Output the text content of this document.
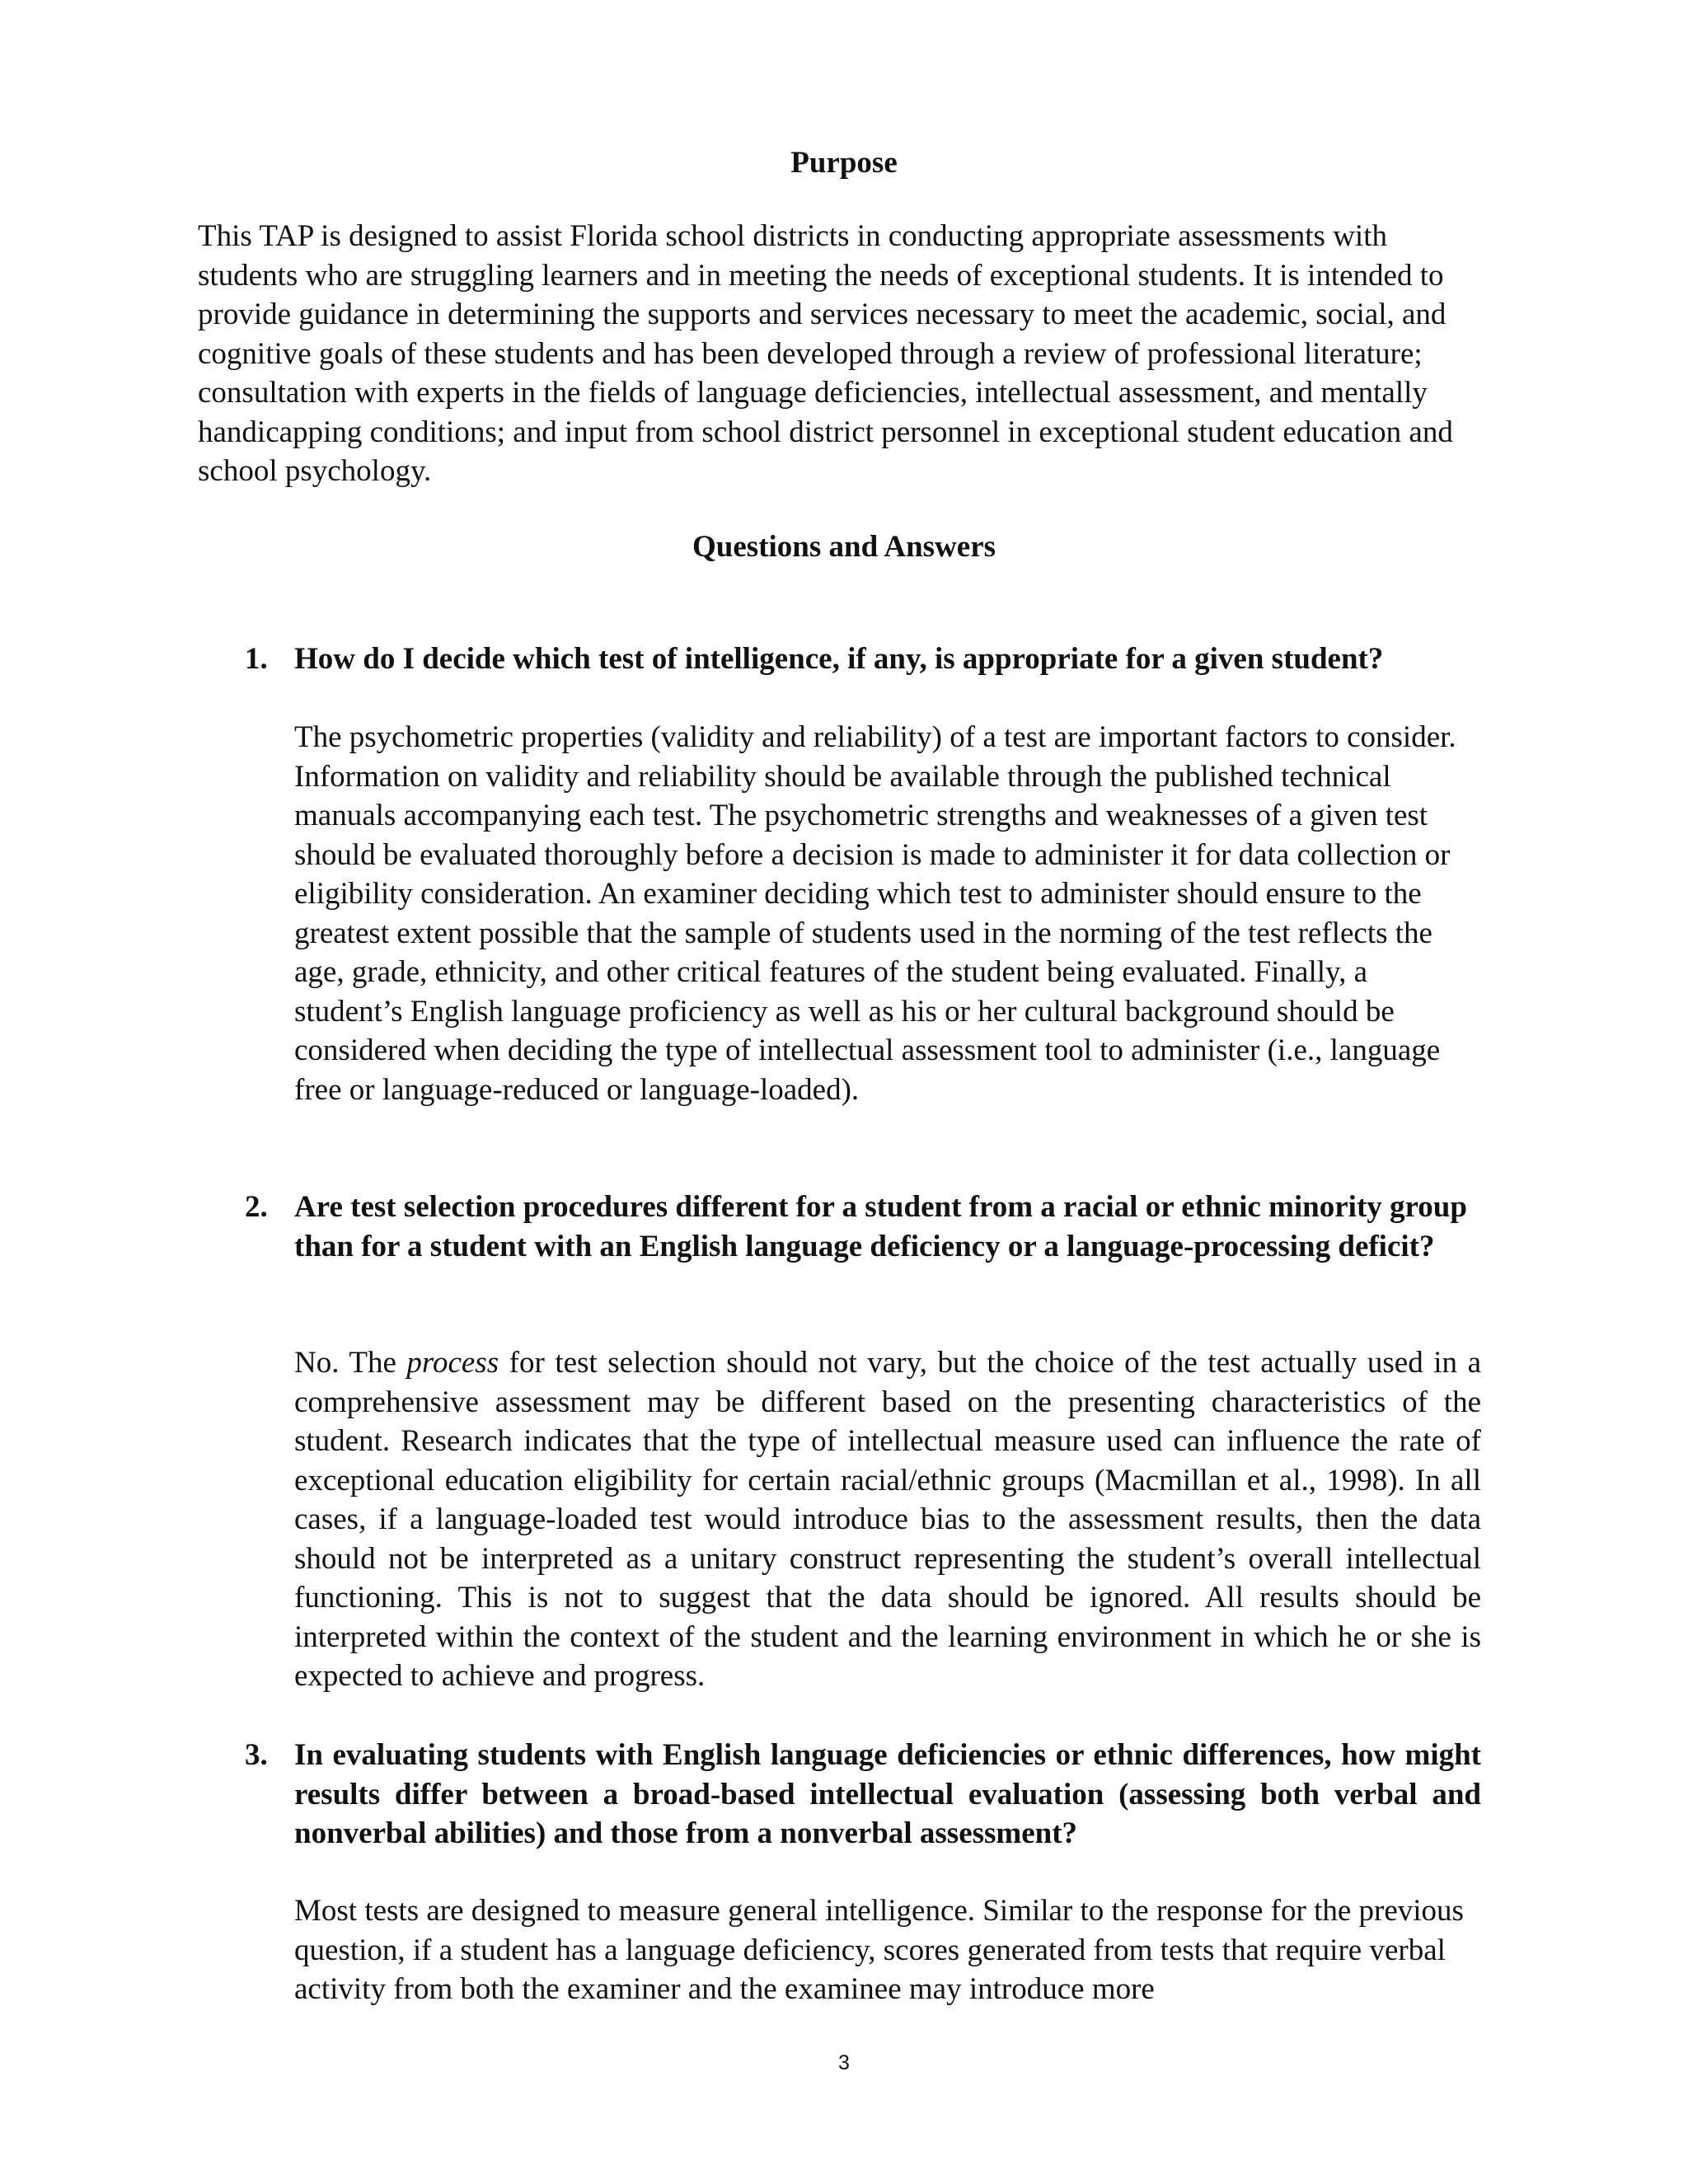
Purpose

This TAP is designed to assist Florida school districts in conducting appropriate assessments with students who are struggling learners and in meeting the needs of exceptional students. It is intended to provide guidance in determining the supports and services necessary to meet the academic, social, and cognitive goals of these students and has been developed through a review of professional literature; consultation with experts in the fields of language deficiencies, intellectual assessment, and mentally handicapping conditions; and input from school district personnel in exceptional student education and school psychology.

Questions and Answers
1. How do I decide which test of intelligence, if any, is appropriate for a given student?

The psychometric properties (validity and reliability) of a test are important factors to consider. Information on validity and reliability should be available through the published technical manuals accompanying each test. The psychometric strengths and weaknesses of a given test should be evaluated thoroughly before a decision is made to administer it for data collection or eligibility consideration. An examiner deciding which test to administer should ensure to the greatest extent possible that the sample of students used in the norming of the test reflects the age, grade, ethnicity, and other critical features of the student being evaluated. Finally, a student’s English language proficiency as well as his or her cultural background should be considered when deciding the type of intellectual assessment tool to administer (i.e., language free or language-reduced or language-loaded).

2. Are test selection procedures different for a student from a racial or ethnic minority group than for a student with an English language deficiency or a language-processing deficit?

No. The process for test selection should not vary, but the choice of the test actually used in a comprehensive assessment may be different based on the presenting characteristics of the student. Research indicates that the type of intellectual measure used can influence the rate of exceptional education eligibility for certain racial/ethnic groups (Macmillan et al., 1998). In all cases, if a language-loaded test would introduce bias to the assessment results, then the data should not be interpreted as a unitary construct representing the student’s overall intellectual functioning. This is not to suggest that the data should be ignored. All results should be interpreted within the context of the student and the learning environment in which he or she is expected to achieve and progress.

3. In evaluating students with English language deficiencies or ethnic differences, how might results differ between a broad-based intellectual evaluation (assessing both verbal and nonverbal abilities) and those from a nonverbal assessment?

Most tests are designed to measure general intelligence. Similar to the response for the previous question, if a student has a language deficiency, scores generated from tests that require verbal activity from both the examiner and the examinee may introduce more

3
